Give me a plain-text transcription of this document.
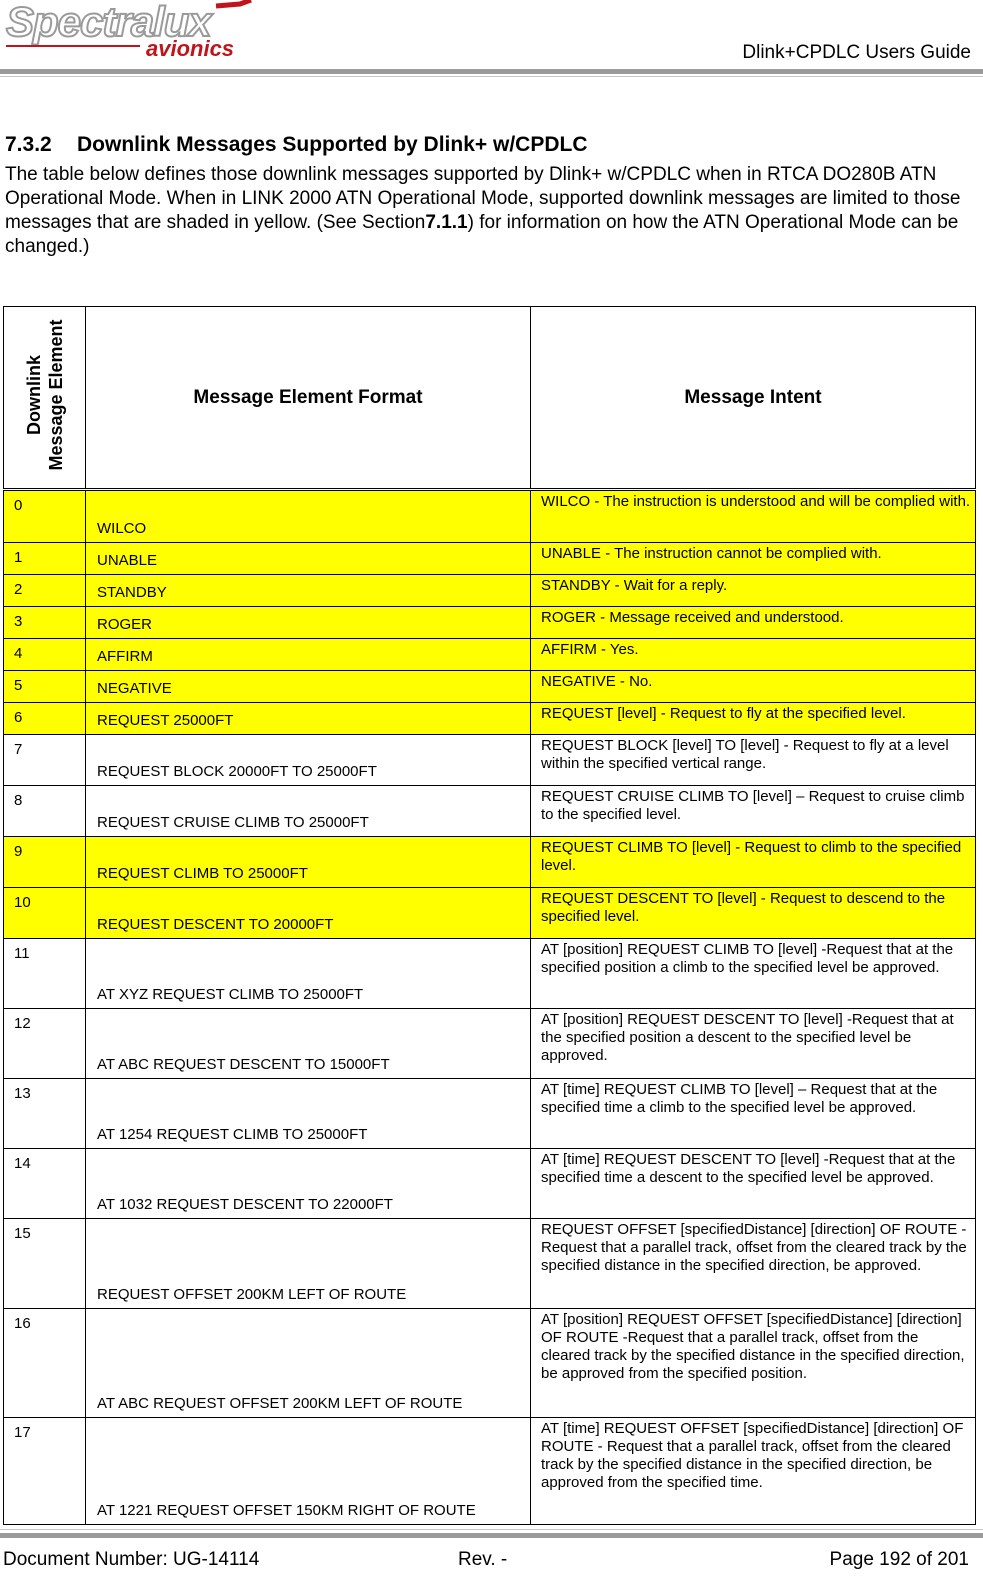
Spectralux
avionics	Dlink+CPDLC Users Guide
7.3.2 Downlink Messages Supported by Dlink+ w/CPDLC
The table below defines those downlink messages supported by Dlink+ w/CPDLC when in RTCA DO280B ATN Operational Mode. When in LINK 2000 ATN Operational Mode, supported downlink messages are limited to those messages that are shaded in yellow. (See Section7.1.1) for information on how the ATN Operational Mode can be changed.)
Downlink Message Element	Message Element Format	Message Intent
0	WILCO	WILCO - The instruction is understood and will be complied with.
1	UNABLE	UNABLE - The instruction cannot be complied with.
2	STANDBY	STANDBY - Wait for a reply.
3	ROGER	ROGER - Message received and understood.
4	AFFIRM	AFFIRM - Yes.
5	NEGATIVE	NEGATIVE - No.
6	REQUEST 25000FT	REQUEST [level] - Request to fly at the specified level.
7	REQUEST BLOCK 20000FT TO 25000FT	REQUEST BLOCK [level] TO [level] - Request to fly at a level within the specified vertical range.
8	REQUEST CRUISE CLIMB TO 25000FT	REQUEST CRUISE CLIMB TO [level] – Request to cruise climb to the specified level.
9	REQUEST CLIMB TO 25000FT	REQUEST CLIMB TO [level] - Request to climb to the specified level.
10	REQUEST DESCENT TO 20000FT	REQUEST DESCENT TO [level] - Request to descend to the specified level.
11	AT XYZ REQUEST CLIMB TO 25000FT	AT [position] REQUEST CLIMB TO [level] -Request that at the specified position a climb to the specified level be approved.
12	AT ABC REQUEST DESCENT TO 15000FT	AT [position] REQUEST DESCENT TO [level] -Request that at the specified position a descent to the specified level be approved.
13	AT 1254 REQUEST CLIMB TO 25000FT	AT [time] REQUEST CLIMB TO [level] – Request that at the specified time a climb to the specified level be approved.
14	AT 1032 REQUEST DESCENT TO 22000FT	AT [time] REQUEST DESCENT TO [level] -Request that at the specified time a descent to the specified level be approved.
15	REQUEST OFFSET 200KM LEFT OF ROUTE	REQUEST OFFSET [specifiedDistance] [direction] OF ROUTE - Request that a parallel track, offset from the cleared track by the specified distance in the specified direction, be approved.
16	AT ABC REQUEST OFFSET 200KM LEFT OF ROUTE	AT [position] REQUEST OFFSET [specifiedDistance] [direction] OF ROUTE -Request that a parallel track, offset from the cleared track by the specified distance in the specified direction, be approved from the specified position.
17	AT 1221 REQUEST OFFSET 150KM RIGHT OF ROUTE	AT [time] REQUEST OFFSET [specifiedDistance] [direction] OF ROUTE - Request that a parallel track, offset from the cleared track by the specified distance in the specified direction, be approved from the specified time.
Document Number: UG-14114	Rev. -	Page 192 of 201
